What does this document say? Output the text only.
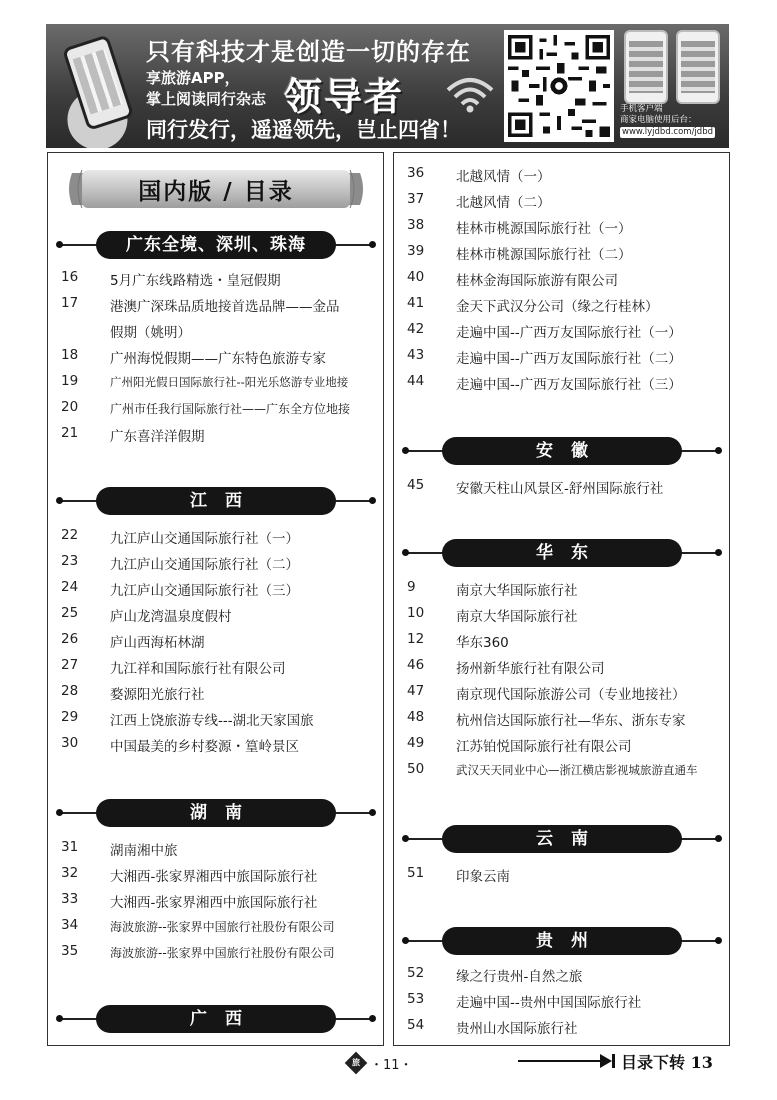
只有科技才是创造一切的存在
享旅游APP，
掌上阅读同行杂志 领导者
同行发行，遥遥领先，岂止四省！
手机客户端
商家电脑使用后台：
www.lyjdbd.com/jdbd
国内版 / 目录
广东全境、深圳、珠海
16	5月广东线路精选・皇冠假期
17	港澳广深珠品质地接首选品牌——金品
假期（姚明）
18	广州海悦假期——广东特色旅游专家
19	广州阳光假日国际旅行社--阳光乐悠游专业地接
20	广州市任我行国际旅行社——广东全方位地接
21	广东喜洋洋假期
江西
22	九江庐山交通国际旅行社（一）
23	九江庐山交通国际旅行社（二）
24	九江庐山交通国际旅行社（三）
25	庐山龙湾温泉度假村
26	庐山西海柘林湖
27	九江祥和国际旅行社有限公司
28	婺源阳光旅行社
29	江西上饶旅游专线---湖北天家国旅
30	中国最美的乡村婺源・篁岭景区
湖南
31	湖南湘中旅
32	大湘西-张家界湘西中旅国际旅行社
33	大湘西-张家界湘西中旅国际旅行社
34	海波旅游--张家界中国旅行社股份有限公司
35	海波旅游--张家界中国旅行社股份有限公司
广西
36	北越风情（一）
37	北越风情（二）
38	桂林市桃源国际旅行社（一）
39	桂林市桃源国际旅行社（二）
40	桂林金海国际旅游有限公司
41	金天下武汉分公司（缘之行桂林）
42	走遍中国--广西万友国际旅行社（一）
43	走遍中国--广西万友国际旅行社（二）
44	走遍中国--广西万友国际旅行社（三）
安徽
45	安徽天柱山风景区-舒州国际旅行社
华东
9	南京大华国际旅行社
10	南京大华国际旅行社
12	华东360
46	扬州新华旅行社有限公司
47	南京现代国际旅游公司（专业地接社）
48	杭州信达国际旅行社—华东、浙东专家
49	江苏铂悦国际旅行社有限公司
50	武汉天天同业中心—浙江横店影视城旅游直通车
云南
51	印象云南
贵州
52	缘之行贵州-自然之旅
53	走遍中国--贵州中国国际旅行社
54	贵州山水国际旅行社
旅 ・11・	目录下转 13
